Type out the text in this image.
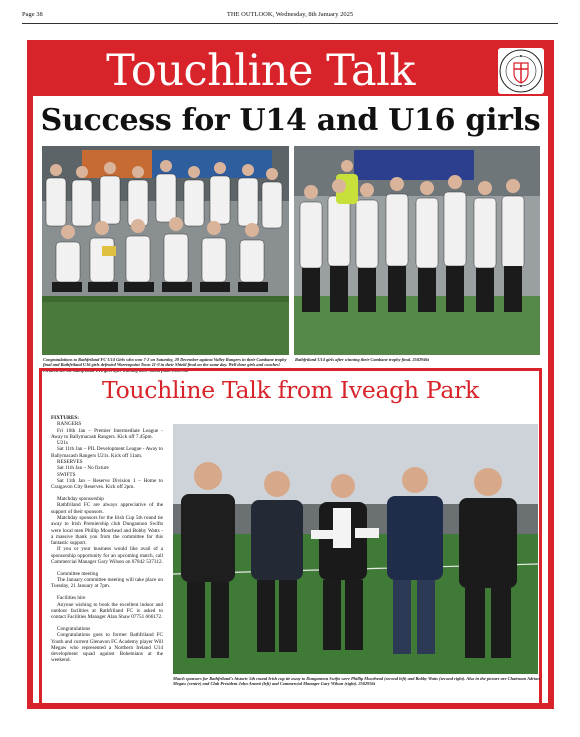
Page 38	THE OUTLOOK, Wednesday, 8th January 2025
Touchline Talk
Success for U14 and U16 girls
Congratulations to Rathfriland FC U14 Girls who won 7-2 on Saturday, 28 December against Valley Rangers in their Cambane trophy final and Rathfriland U16 girls defeated Warrenpoint Town 11-0 in their Shield final on the same day. Well done girls and coaches! Pictured are the Rathfriland U16 girls after winning their Shield final. 2502950t
Rathfriland U14 girls after winning their Cambane trophy final. 2502946t
Touchline Talk from Iveagh Park

FIXTURES:

RANGERS

Fri 10th Jan – Premier Intermediate League - Away to Ballymacash Rangers. Kick off 7.45pm.

U21s

Sat 11th Jan – PIL Development League - Away to Ballymacash Rangers U21s. Kick off 11am.

RESERVES

Sat 11th Jan – No fixture

SWIFTS

Sat 11th Jan – Reserve Division 1 – Home to Craigavon City Reserves. Kick off 2pm.

Matchday sponsorship

Rathfriland FC are always appreciative of the support of their sponsors.

Matchday sponsors for the Irish Cup 5th round tie away to Irish Premiership club Dungannon Swifts were local men Phillip Moorhead and Bobby Watts - a massive thank you from the committee for this fantastic support.

If you or your business would like avail of a sponsorship opportunity for an upcoming match, call Commercial Manager Gary Wilson on 07842 537312.

Committee meeting

The January committee meeting will take place on Tuesday, 21 January at 7pm.

Facilities hire

Anyone wishing to book the excellent indoor and outdoor facilities at Rathfriland FC is asked to contact Facilities Manager Alan Shaw 07751 666172.

Congratulations

Congratulations goes to former Rathfriland FC Youth and current Glenavon FC Academy player Will Megaw who represented a Northern Ireland U14 development squad against Bohemians at the weekend.

Match sponsors for Rathfriland's historic 5th round Irish cup tie away to Dungannon Swifts were Phillip Moorhead (second left) and Bobby Watts (second right). Also in the picture are Chairman Adrian Megaw (centre) and Club President John Annett (left) and Commercial Manager Gary Wilson (right). 2502956t
